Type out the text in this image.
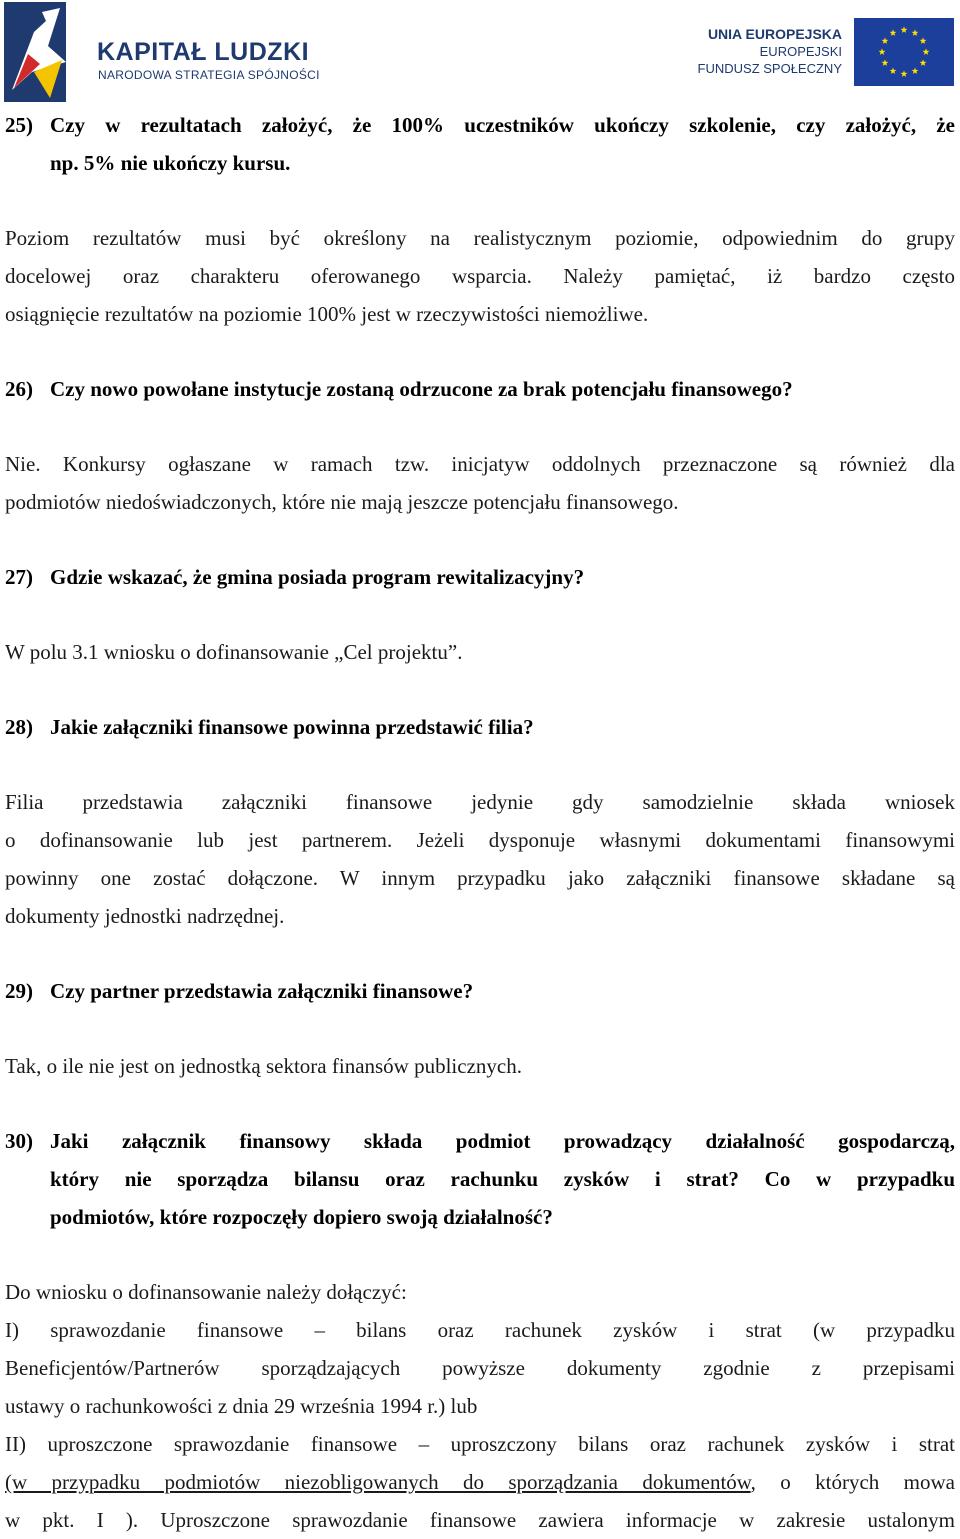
KAPITAŁ LUDZKI
NARODOWA STRATEGIA SPÓJNOŚCI
UNIA EUROPEJSKA
EUROPEJSKI
FUNDUSZ SPOŁECZNY
25) Czy w rezultatach założyć, że 100% uczestników ukończy szkolenie, czy założyć, że
np. 5% nie ukończy kursu.
Poziom rezultatów musi być określony na realistycznym poziomie, odpowiednim do grupy
docelowej oraz charakteru oferowanego wsparcia. Należy pamiętać, iż bardzo często
osiągnięcie rezultatów na poziomie 100% jest w rzeczywistości niemożliwe.
26) Czy nowo powołane instytucje zostaną odrzucone za brak potencjału finansowego?
Nie. Konkursy ogłaszane w ramach tzw. inicjatyw oddolnych przeznaczone są również dla
podmiotów niedoświadczonych, które nie mają jeszcze potencjału finansowego.
27) Gdzie wskazać, że gmina posiada program rewitalizacyjny?
W polu 3.1 wniosku o dofinansowanie „Cel projektu”.
28) Jakie załączniki finansowe powinna przedstawić filia?
Filia przedstawia załączniki finansowe jedynie gdy samodzielnie składa wniosek
o dofinansowanie lub jest partnerem. Jeżeli dysponuje własnymi dokumentami finansowymi
powinny one zostać dołączone. W innym przypadku jako załączniki finansowe składane są
dokumenty jednostki nadrzędnej.
29) Czy partner przedstawia załączniki finansowe?
Tak, o ile nie jest on jednostką sektora finansów publicznych.
30) Jaki załącznik finansowy składa podmiot prowadzący działalność gospodarczą,
który nie sporządza bilansu oraz rachunku zysków i strat? Co w przypadku
podmiotów, które rozpoczęły dopiero swoją działalność?
Do wniosku o dofinansowanie należy dołączyć:
I) sprawozdanie finansowe – bilans oraz rachunek zysków i strat (w przypadku
Beneficjentów/Partnerów sporządzających powyższe dokumenty zgodnie z przepisami
ustawy o rachunkowości z dnia 29 września 1994 r.) lub
II) uproszczone sprawozdanie finansowe – uproszczony bilans oraz rachunek zysków i strat
(w przypadku podmiotów niezobligowanych do sporządzania dokumentów, o których mowa
w pkt. I ). Uproszczone sprawozdanie finansowe zawiera informacje w zakresie ustalonym
